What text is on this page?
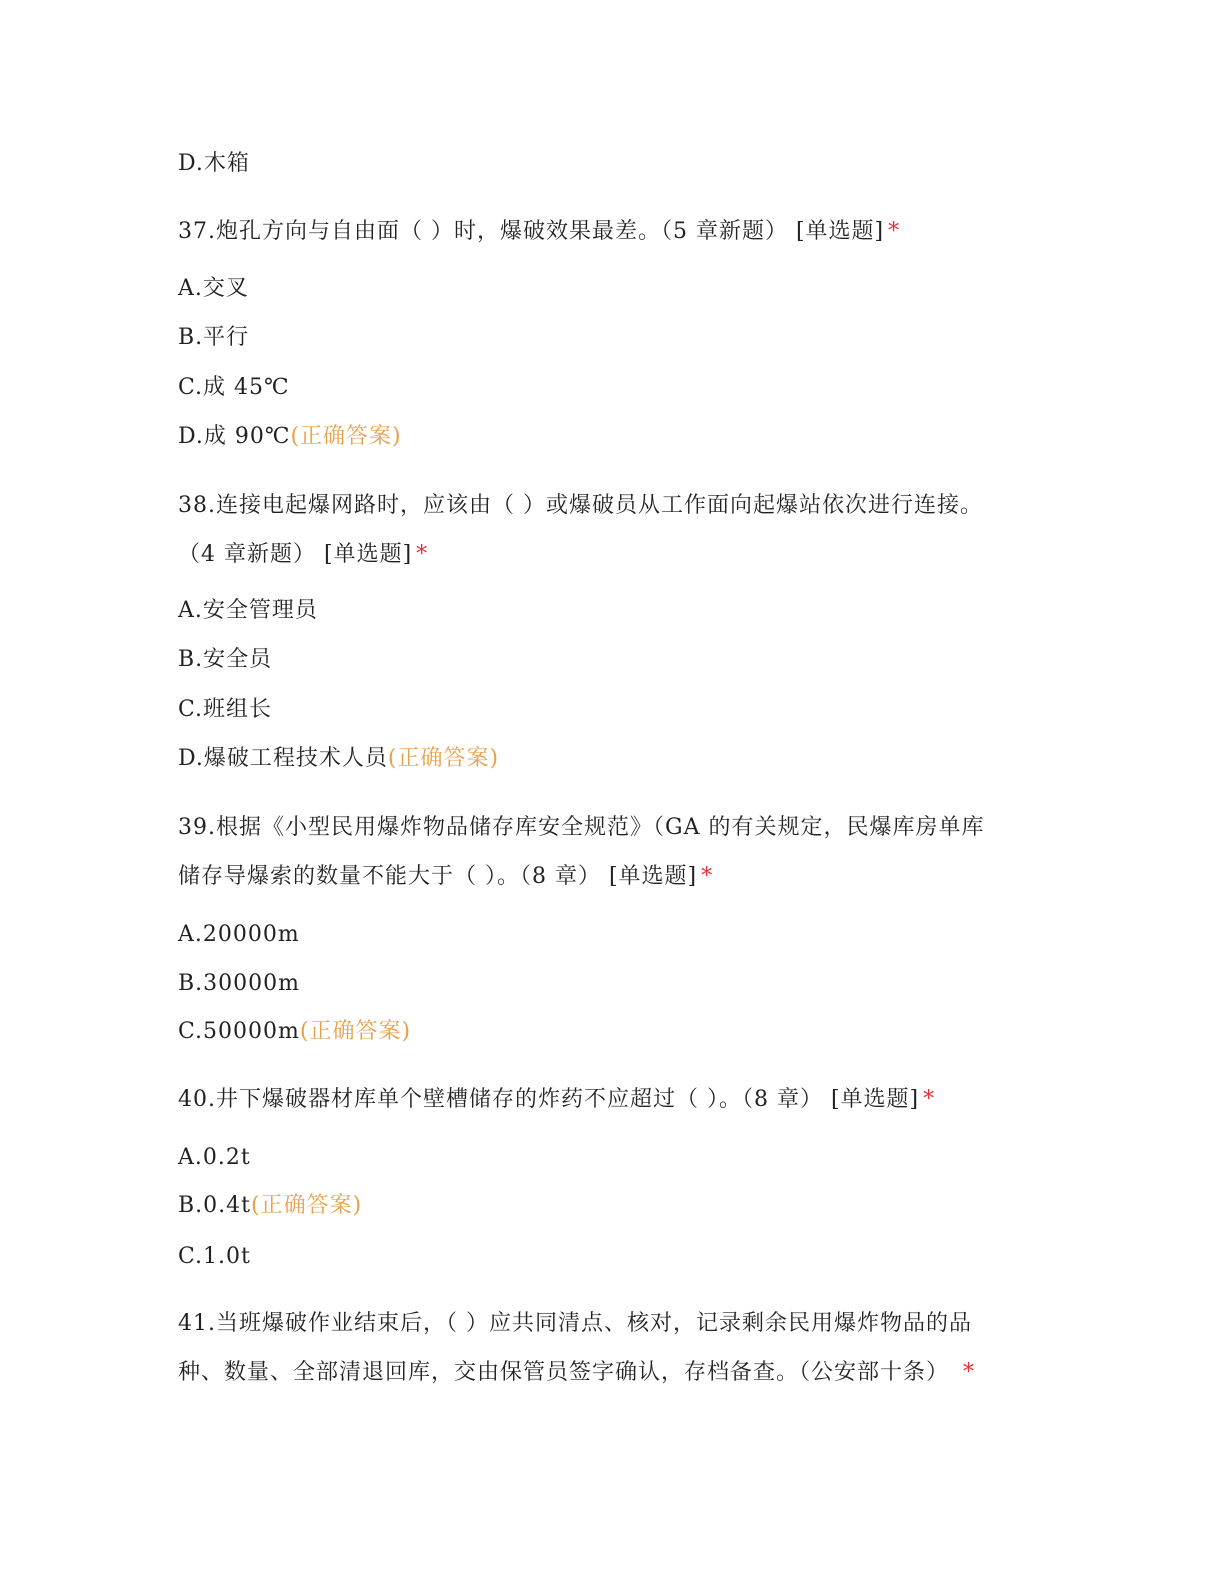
D.木箱
37.炮孔方向与自由面（ ）时，爆破效果最差。（5 章新题） [单选题] *
A.交叉
B.平行
C.成 45℃
D.成 90℃(正确答案)
38.连接电起爆网路时，应该由（ ）或爆破员从工作面向起爆站依次进行连接。
（4 章新题） [单选题] *
A.安全管理员
B.安全员
C.班组长
D.爆破工程技术人员(正确答案)
39.根据《小型民用爆炸物品储存库安全规范》（GA 的有关规定，民爆库房单库
储存导爆索的数量不能大于（ ）。（8 章） [单选题] *
A.20000m
B.30000m
C.50000m(正确答案)
40.井下爆破器材库单个壁槽储存的炸药不应超过（ ）。（8 章） [单选题] *
A.0.2t
B.0.4t(正确答案)
C.1.0t
41.当班爆破作业结束后，（ ）应共同清点、核对，记录剩余民用爆炸物品的品
种、数量、全部清退回库，交由保管员签字确认，存档备查。（公安部十条） *
